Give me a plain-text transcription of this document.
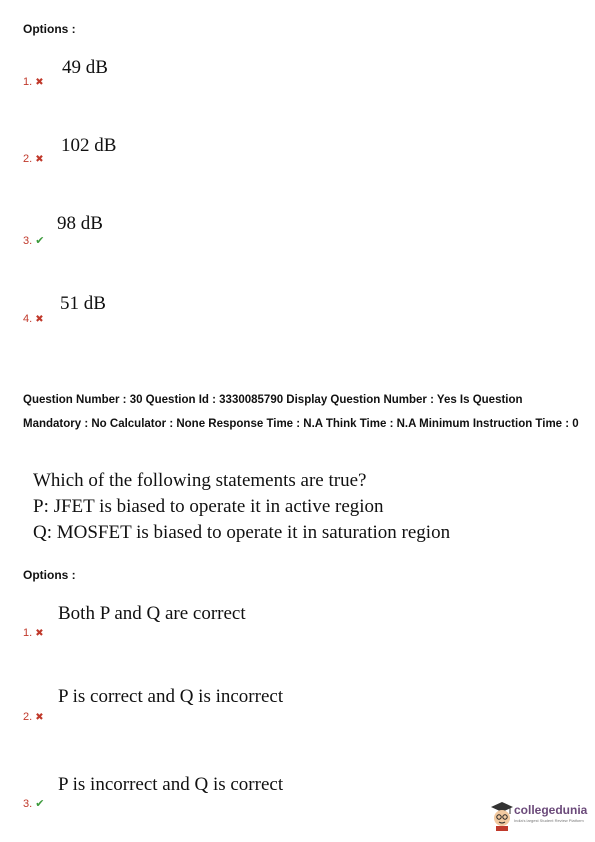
Options :
49 dB
1. ✖
102 dB
2. ✖
98 dB
3. ✔
51 dB
4. ✖
Question Number : 30 Question Id : 3330085790 Display Question Number : Yes Is Question Mandatory : No Calculator : None Response Time : N.A Think Time : N.A Minimum Instruction Time : 0
Which of the following statements are true?
P: JFET is biased to operate it in active region
Q: MOSFET is biased to operate it in saturation region
Options :
Both P and Q are correct
1. ✖
P is correct and Q is incorrect
2. ✖
P is incorrect and Q is correct
3. ✔	collegedunia
India's largest Student Review Platform
